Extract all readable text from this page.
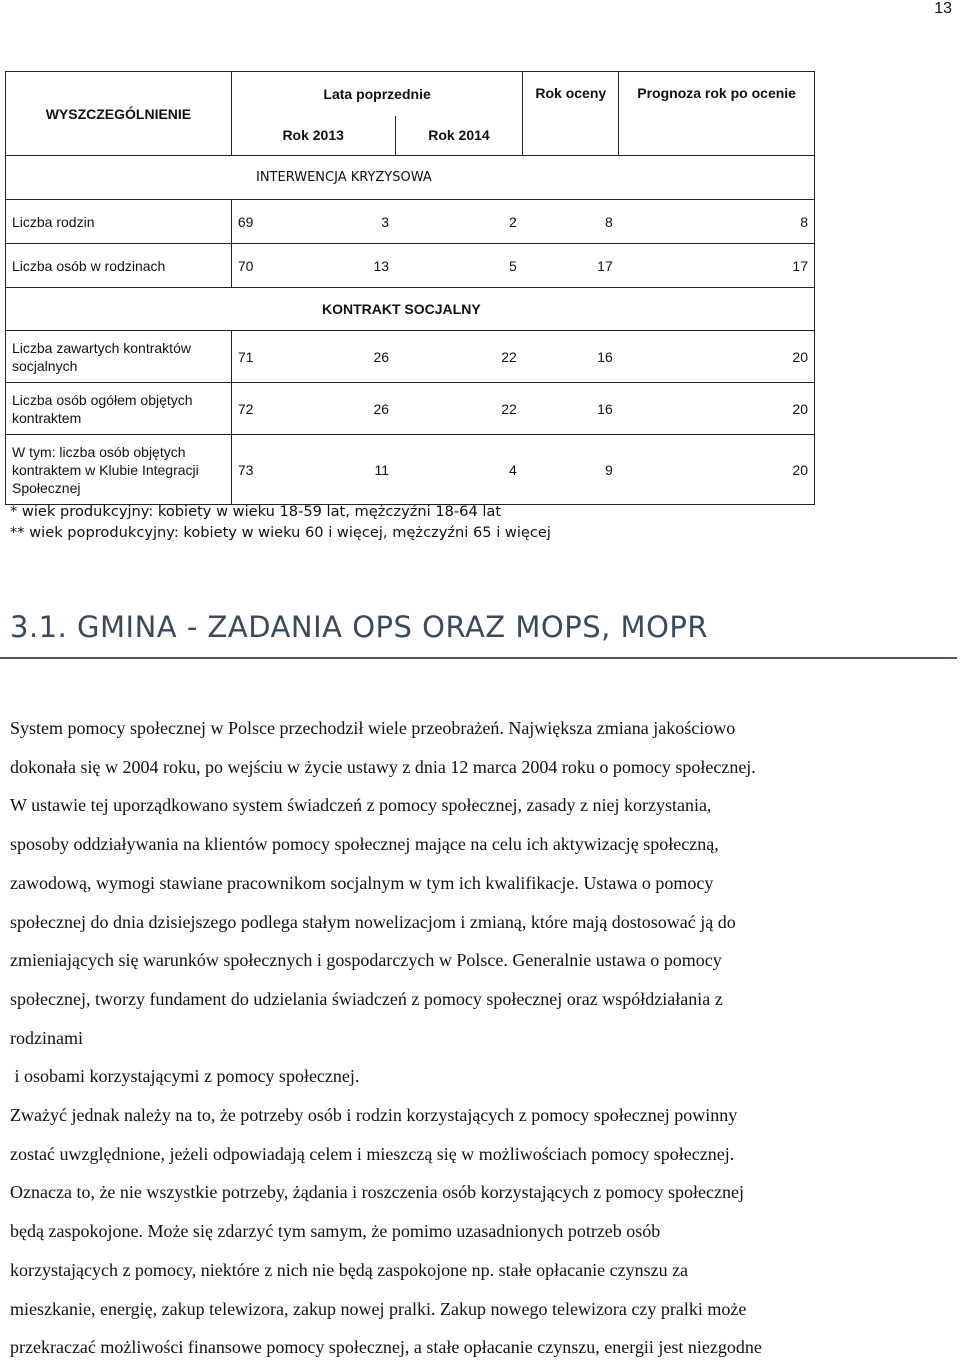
13
WYSZCZEGÓLNIENIE	Lata poprzednie			Rok oceny	Prognoza rok po ocenie
	Rok 2013		Rok 2014		
INTERWENCJA KRYZYSOWA					
Liczba rodzin	69	3	2	8	8
Liczba osób w rodzinach	70	13	5	17	17
KONTRAKT SOCJALNY					
Liczba zawartych kontraktów
socjalnych	71	26	22	16	20
Liczba osób ogółem objętych
kontraktem	72	26	22	16	20
W tym: liczba osób objętych
kontraktem w Klubie Integracji
Społecznej	73	11	4	9	20
* wiek produkcyjny: kobiety w wieku 18-59 lat, mężczyźni 18-64 lat
** wiek poprodukcyjny: kobiety w wieku 60 i więcej, mężczyźni 65 i więcej
3.1. GMINA - ZADANIA OPS ORAZ MOPS, MOPR

System pomocy społecznej w Polsce przechodził wiele przeobrażeń. Największa zmiana jakościowo

dokonała się w 2004 roku, po wejściu w życie ustawy z dnia 12 marca 2004 roku o pomocy społecznej.

W ustawie tej uporządkowano system świadczeń z pomocy społecznej, zasady z niej korzystania,

sposoby oddziaływania na klientów pomocy społecznej mające na celu ich aktywizację społeczną,

zawodową, wymogi stawiane pracownikom socjalnym w tym ich kwalifikacje. Ustawa o pomocy

społecznej do dnia dzisiejszego podlega stałym nowelizacjom i zmianą, które mają dostosować ją do

zmieniających się warunków społecznych i gospodarczych w Polsce. Generalnie ustawa o pomocy

społecznej, tworzy fundament do udzielania świadczeń z pomocy społecznej oraz współdziałania z

rodzinami

i osobami korzystającymi z pomocy społecznej.

Zważyć jednak należy na to, że potrzeby osób i rodzin korzystających z pomocy społecznej powinny

zostać uwzględnione, jeżeli odpowiadają celem i mieszczą się w możliwościach pomocy społecznej.

Oznacza to, że nie wszystkie potrzeby, żądania i roszczenia osób korzystających z pomocy społecznej

będą zaspokojone. Może się zdarzyć tym samym, że pomimo uzasadnionych potrzeb osób

korzystających z pomocy, niektóre z nich nie będą zaspokojone np. stałe opłacanie czynszu za

mieszkanie, energię, zakup telewizora, zakup nowej pralki. Zakup nowego telewizora czy pralki może

przekraczać możliwości finansowe pomocy społecznej, a stałe opłacanie czynszu, energii jest niezgodne
